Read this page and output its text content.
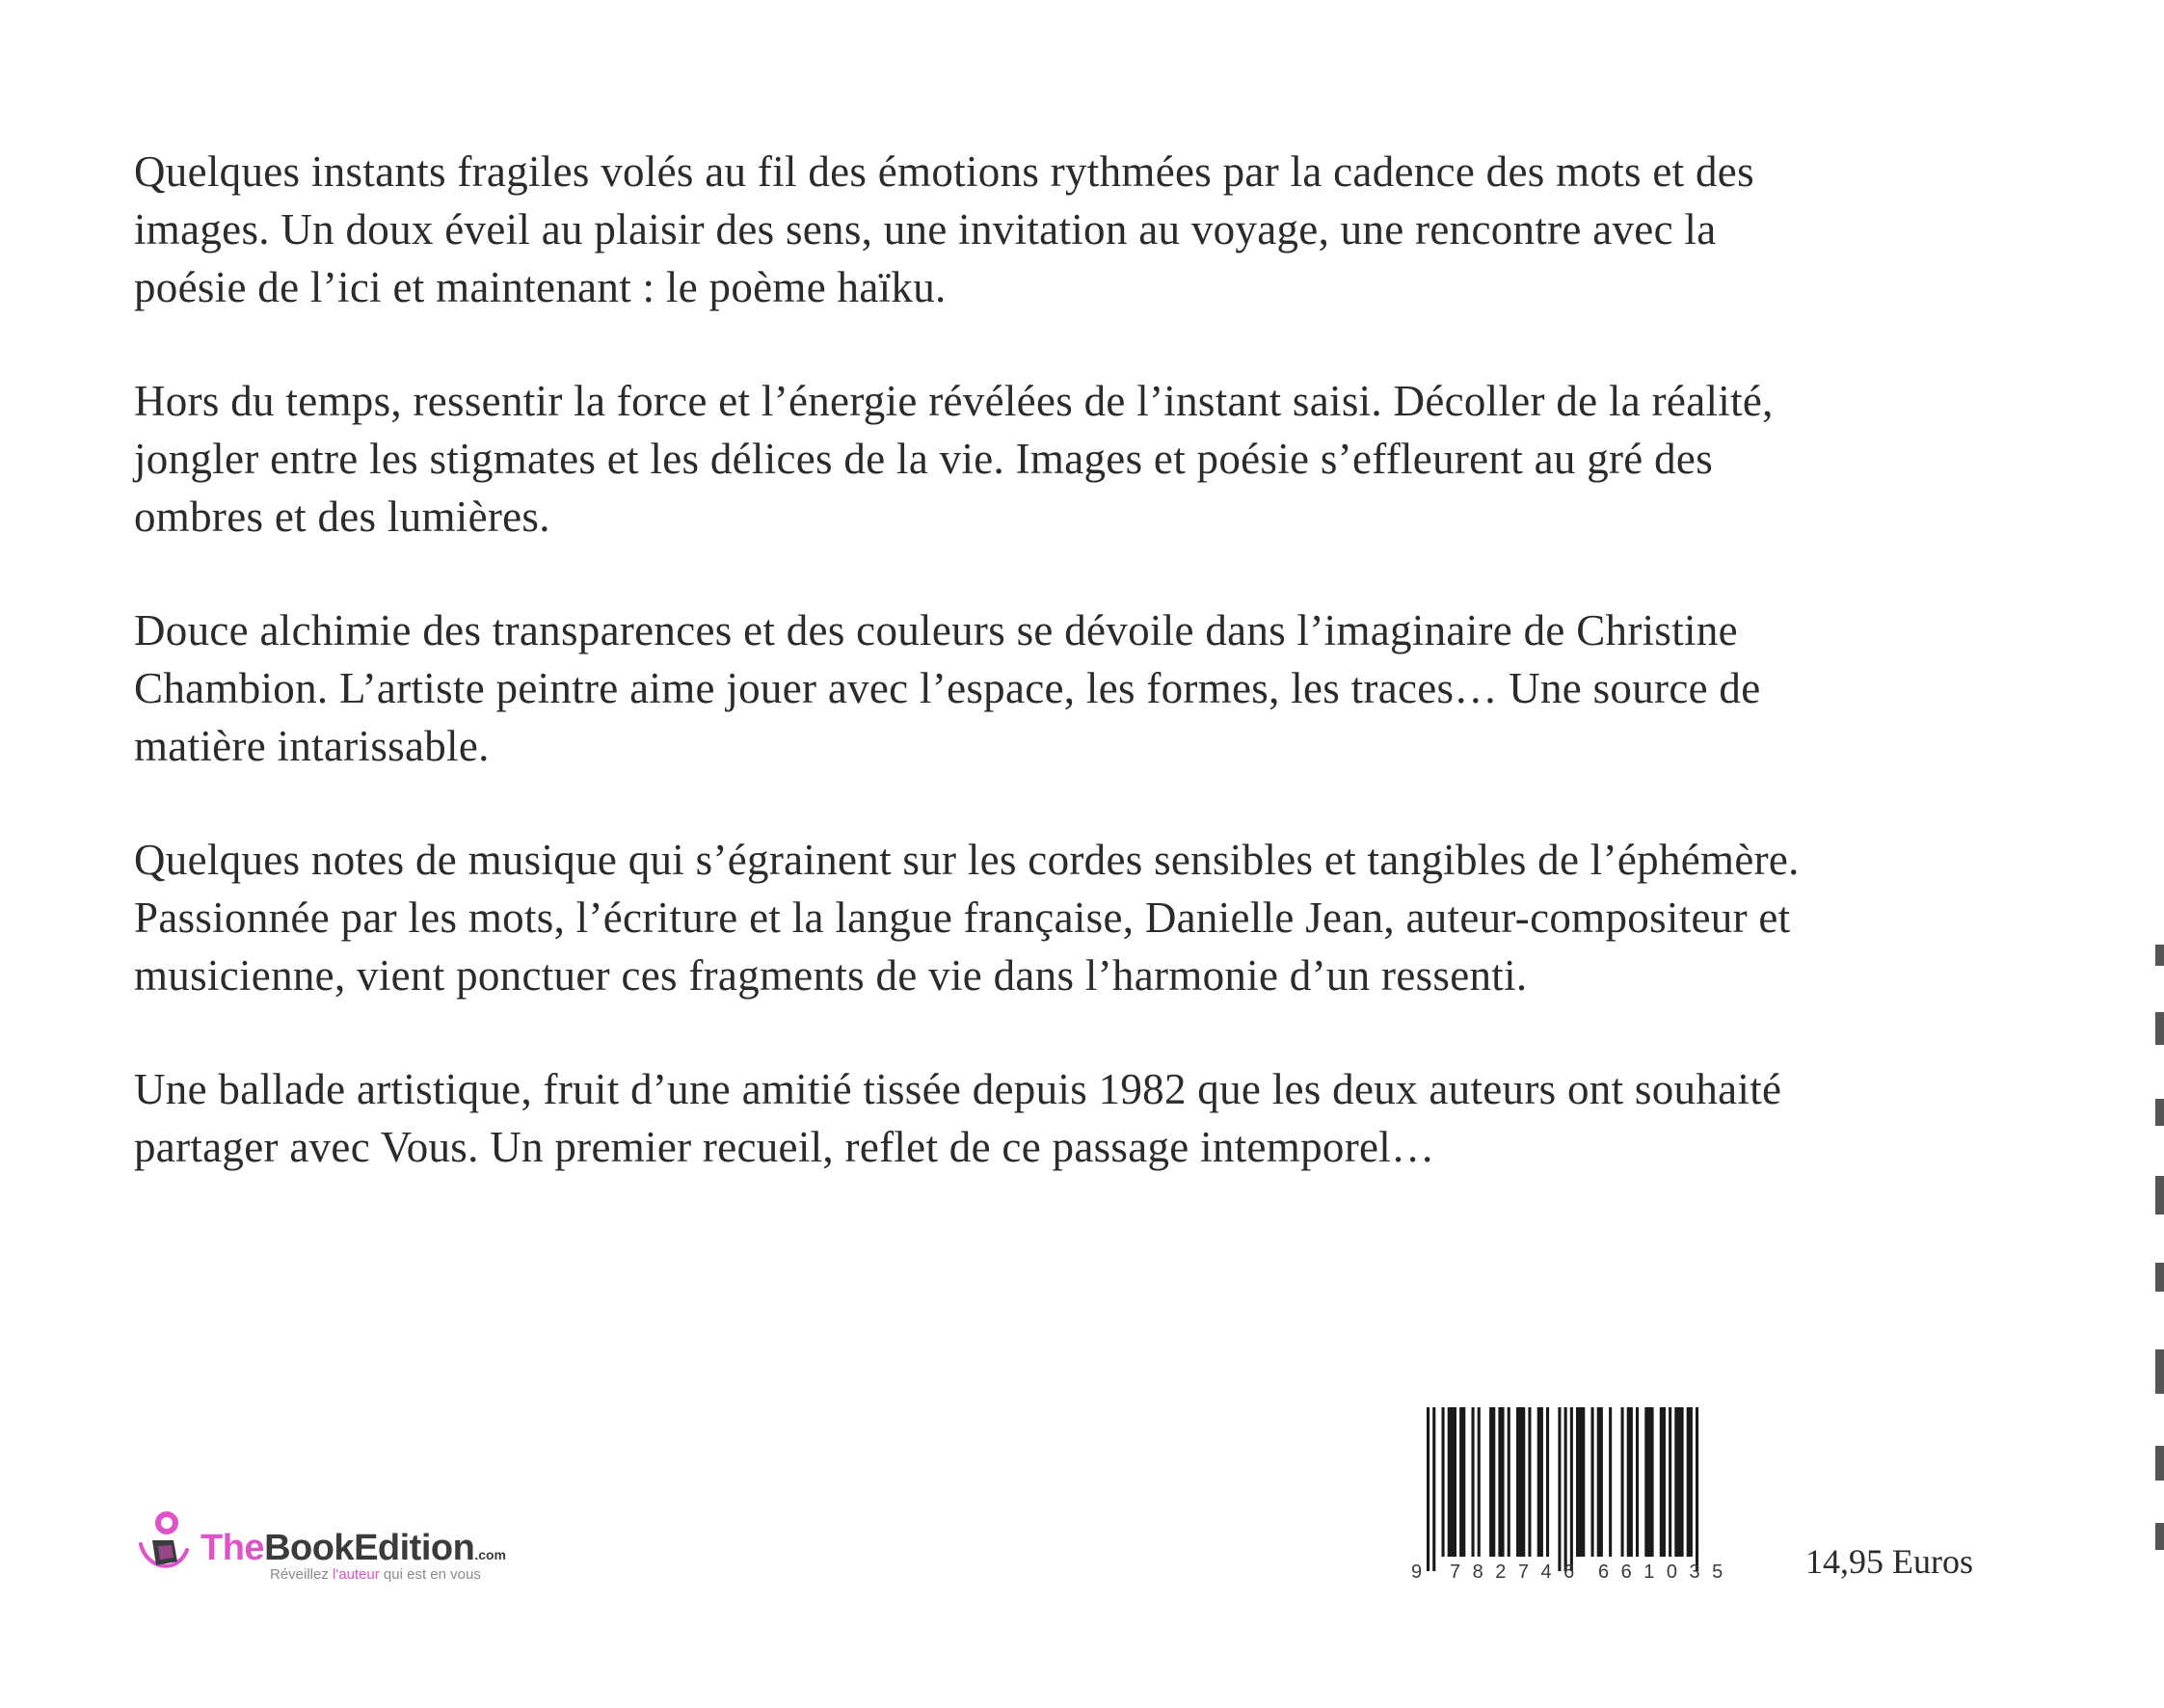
Quelques instants fragiles volés au fil des émotions rythmées par la cadence des mots et des
images. Un doux éveil au plaisir des sens, une invitation au voyage, une rencontre avec la
poésie de l’ici et maintenant : le poème haïku.

Hors du temps, ressentir la force et l’énergie révélées de l’instant saisi. Décoller de la réalité,
jongler entre les stigmates et les délices de la vie. Images et poésie s’effleurent au gré des
ombres et des lumières.

Douce alchimie des transparences et des couleurs se dévoile dans l’imaginaire de Christine
Chambion. L’artiste peintre aime jouer avec l’espace, les formes, les traces… Une source de
matière intarissable.

Quelques notes de musique qui s’égrainent sur les cordes sensibles et tangibles de l’éphémère.
Passionnée par les mots, l’écriture et la langue française, Danielle Jean, auteur-compositeur et
musicienne, vient ponctuer ces fragments de vie dans l’harmonie d’un ressenti.

Une ballade artistique, fruit d’une amitié tissée depuis 1982 que les deux auteurs ont souhaité
partager avec Vous. Un premier recueil, reflet de ce passage intemporel…

TheBookEdition.com
Réveillez l'auteur qui est en vous	9 782746 661035 14,95 Euros
